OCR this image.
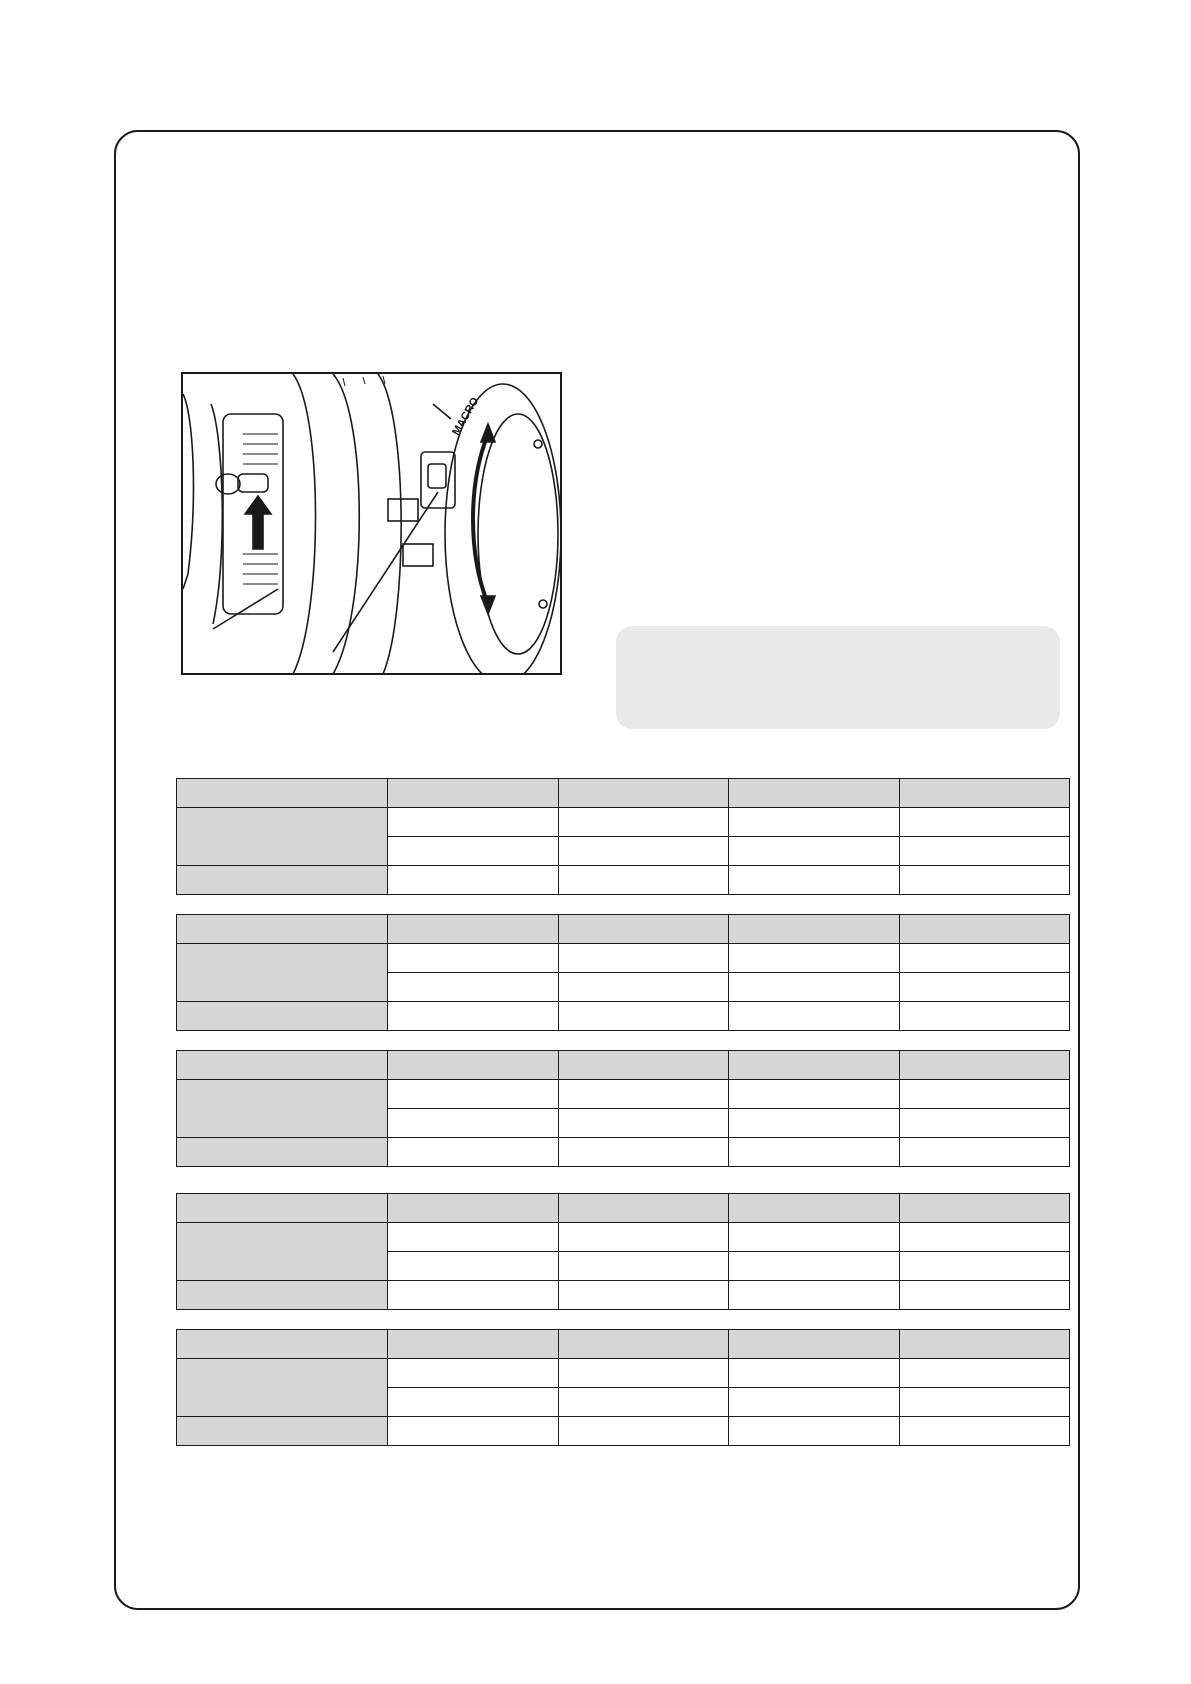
MACRO
